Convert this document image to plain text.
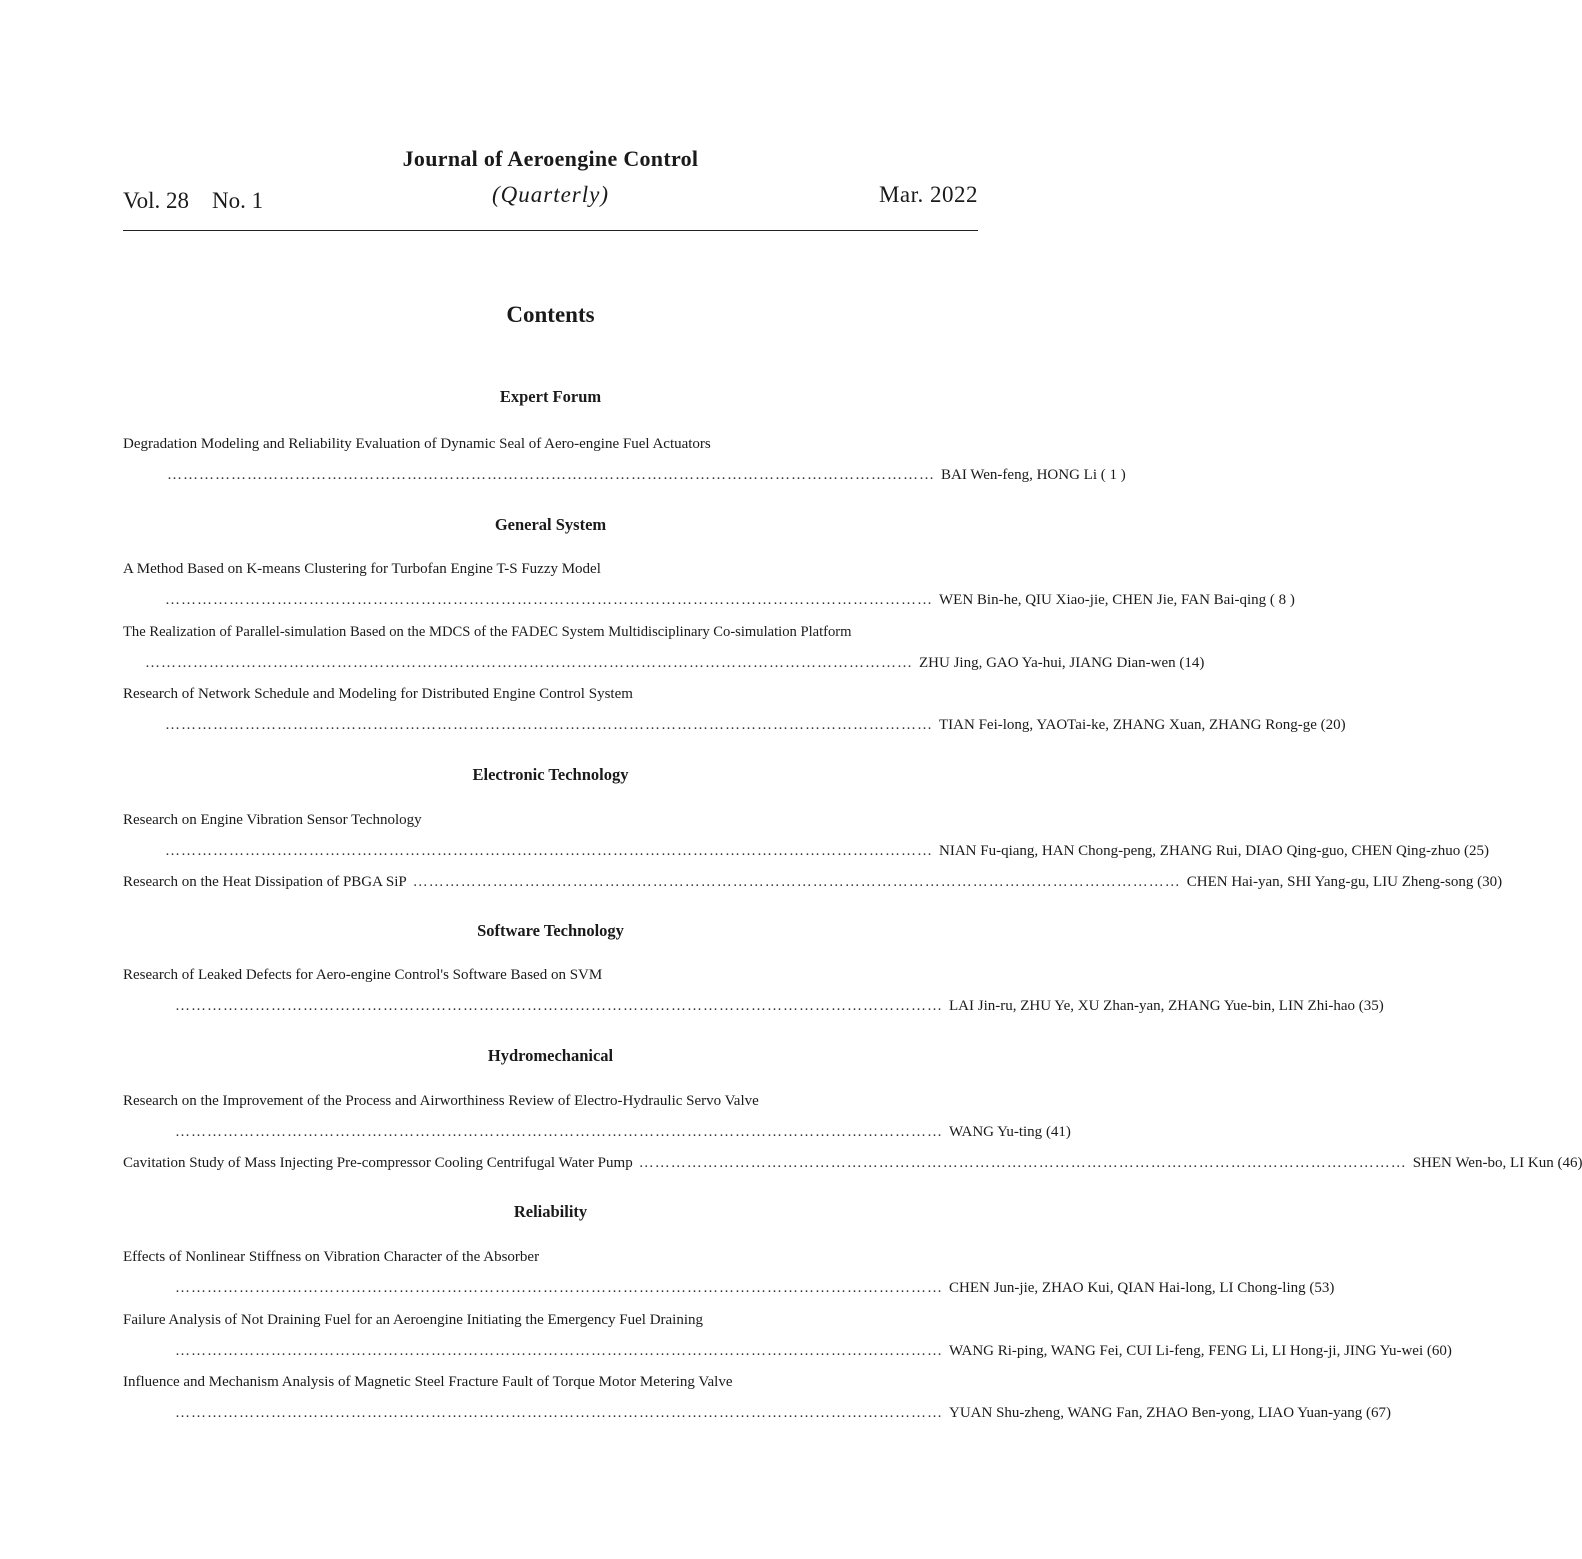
Journal of Aeroengine Control
Vol. 28　No. 1	(Quarterly)	Mar. 2022
Contents
Expert Forum
Degradation Modeling and Reliability Evaluation of Dynamic Seal of Aero-engine Fuel Actuators
……………………………………………………………………………………………………………………………… BAI Wen-feng, HONG Li ( 1 )
General System
A Method Based on K-means Clustering for Turbofan Engine T-S Fuzzy Model
……………………………………………………………………………………………………………………………… WEN Bin-he, QIU Xiao-jie, CHEN Jie, FAN Bai-qing ( 8 )
The Realization of Parallel-simulation Based on the MDCS of the FADEC System Multidisciplinary Co-simulation Platform
……………………………………………………………………………………………………………………………… ZHU Jing, GAO Ya-hui, JIANG Dian-wen (14)
Research of Network Schedule and Modeling for Distributed Engine Control System
……………………………………………………………………………………………………………………………… TIAN Fei-long, YAOTai-ke, ZHANG Xuan, ZHANG Rong-ge (20)
Electronic Technology
Research on Engine Vibration Sensor Technology
……………………………………………………………………………………………………………………………… NIAN Fu-qiang, HAN Chong-peng, ZHANG Rui, DIAO Qing-guo, CHEN Qing-zhuo (25)
Research on the Heat Dissipation of PBGA SiP ……………………………………………………………………………………………………………………………… CHEN Hai-yan, SHI Yang-gu, LIU Zheng-song (30)
Software Technology
Research of Leaked Defects for Aero-engine Control's Software Based on SVM
……………………………………………………………………………………………………………………………… LAI Jin-ru, ZHU Ye, XU Zhan-yan, ZHANG Yue-bin, LIN Zhi-hao (35)
Hydromechanical
Research on the Improvement of the Process and Airworthiness Review of Electro-Hydraulic Servo Valve
……………………………………………………………………………………………………………………………… WANG Yu-ting (41)
Cavitation Study of Mass Injecting Pre-compressor Cooling Centrifugal Water Pump ……………………………………………………………………………………………………………………………… SHEN Wen-bo, LI Kun (46)
Reliability
Effects of Nonlinear Stiffness on Vibration Character of the Absorber
……………………………………………………………………………………………………………………………… CHEN Jun-jie, ZHAO Kui, QIAN Hai-long, LI Chong-ling (53)
Failure Analysis of Not Draining Fuel for an Aeroengine Initiating the Emergency Fuel Draining
……………………………………………………………………………………………………………………………… WANG Ri-ping, WANG Fei, CUI Li-feng, FENG Li, LI Hong-ji, JING Yu-wei (60)
Influence and Mechanism Analysis of Magnetic Steel Fracture Fault of Torque Motor Metering Valve
……………………………………………………………………………………………………………………………… YUAN Shu-zheng, WANG Fan, ZHAO Ben-yong, LIAO Yuan-yang (67)
